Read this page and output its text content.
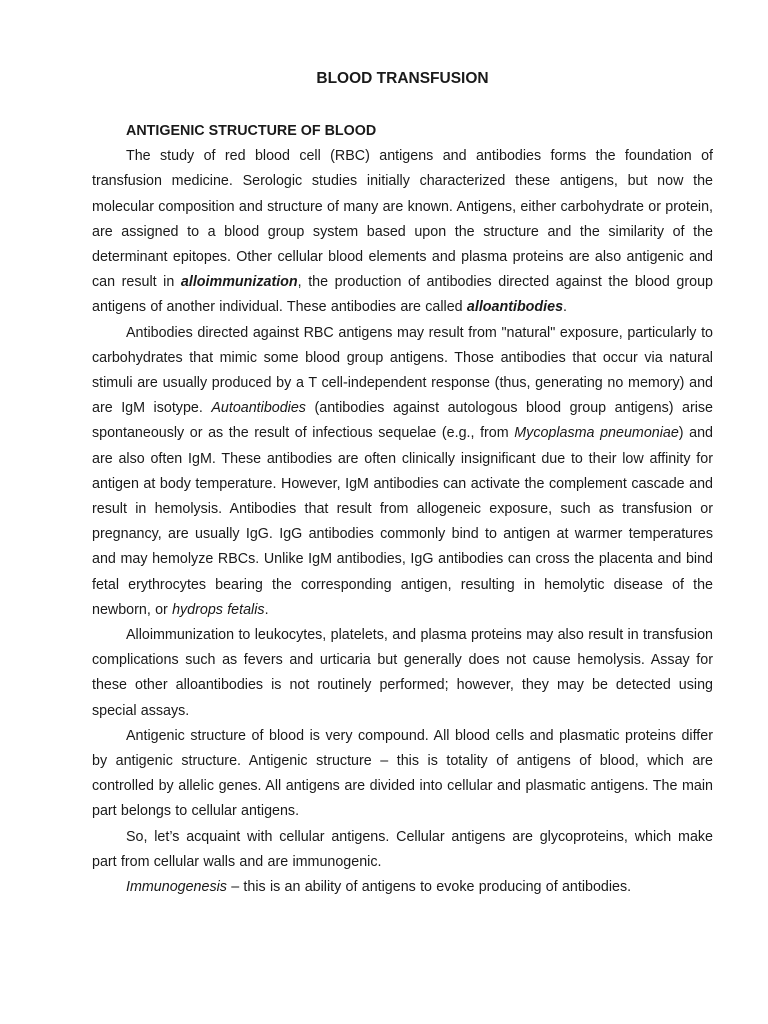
BLOOD TRANSFUSION

ANTIGENIC STRUCTURE OF BLOOD

The study of red blood cell (RBC) antigens and antibodies forms the foundation of transfusion medicine. Serologic studies initially characterized these antigens, but now the molecular composition and structure of many are known. Antigens, either carbohydrate or protein, are assigned to a blood group system based upon the structure and the similarity of the determinant epitopes. Other cellular blood elements and plasma proteins are also antigenic and can result in alloimmunization, the production of antibodies directed against the blood group antigens of another individual. These antibodies are called alloantibodies.

Antibodies directed against RBC antigens may result from "natural" exposure, particularly to carbohydrates that mimic some blood group antigens. Those antibodies that occur via natural stimuli are usually produced by a T cell-independent response (thus, generating no memory) and are IgM isotype. Autoantibodies (antibodies against autologous blood group antigens) arise spontaneously or as the result of infectious sequelae (e.g., from Mycoplasma pneumoniae) and are also often IgM. These antibodies are often clinically insignificant due to their low affinity for antigen at body temperature. However, IgM antibodies can activate the complement cascade and result in hemolysis. Antibodies that result from allogeneic exposure, such as transfusion or pregnancy, are usually IgG. IgG antibodies commonly bind to antigen at warmer temperatures and may hemolyze RBCs. Unlike IgM antibodies, IgG antibodies can cross the placenta and bind fetal erythrocytes bearing the corresponding antigen, resulting in hemolytic disease of the newborn, or hydrops fetalis.

Alloimmunization to leukocytes, platelets, and plasma proteins may also result in transfusion complications such as fevers and urticaria but generally does not cause hemolysis. Assay for these other alloantibodies is not routinely performed; however, they may be detected using special assays.

Antigenic structure of blood is very compound. All blood cells and plasmatic proteins differ by antigenic structure. Antigenic structure – this is totality of antigens of blood, which are controlled by allelic genes. All antigens are divided into cellular and plasmatic antigens. The main part belongs to cellular antigens.

So, let’s acquaint with cellular antigens. Cellular antigens are glycoproteins, which make part from cellular walls and are immunogenic.

Immunogenesis – this is an ability of antigens to evoke producing of antibodies.
